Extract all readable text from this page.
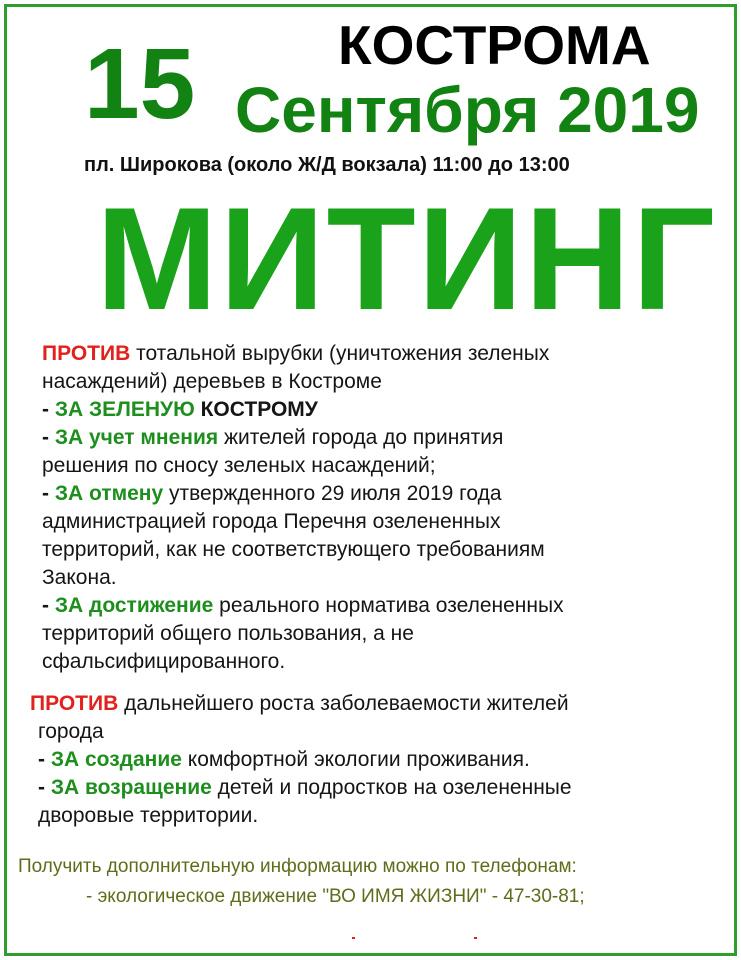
КОСТРОМА
15 Сентября 2019
пл. Широкова (около Ж/Д вокзала) 11:00 до 13:00
МИТИНГ

ПРОТИВ тотальной вырубки (уничтожения зеленых

насаждений) деревьев в Костроме

- ЗА ЗЕЛЕНУЮ КОСТРОМУ

- ЗА учет мнения жителей города до принятия

решения по сносу зеленых насаждений;

- ЗА отмену утвержденного 29 июля 2019 года

администрацией города Перечня озелененных

территорий, как не соответствующего требованиям

Закона.

- ЗА достижение реального норматива озелененных

территорий общего пользования, а не

сфальсифицированного.

ПРОТИВ дальнейшего роста заболеваемости жителей

города

- ЗА создание комфортной экологии проживания.

- ЗА возращение детей и подростков на озелененные

дворовые территории.

Получить дополнительную информацию можно по телефонам:
- экологическое движение "ВО ИМЯ ЖИЗНИ" - 47-30-81;
